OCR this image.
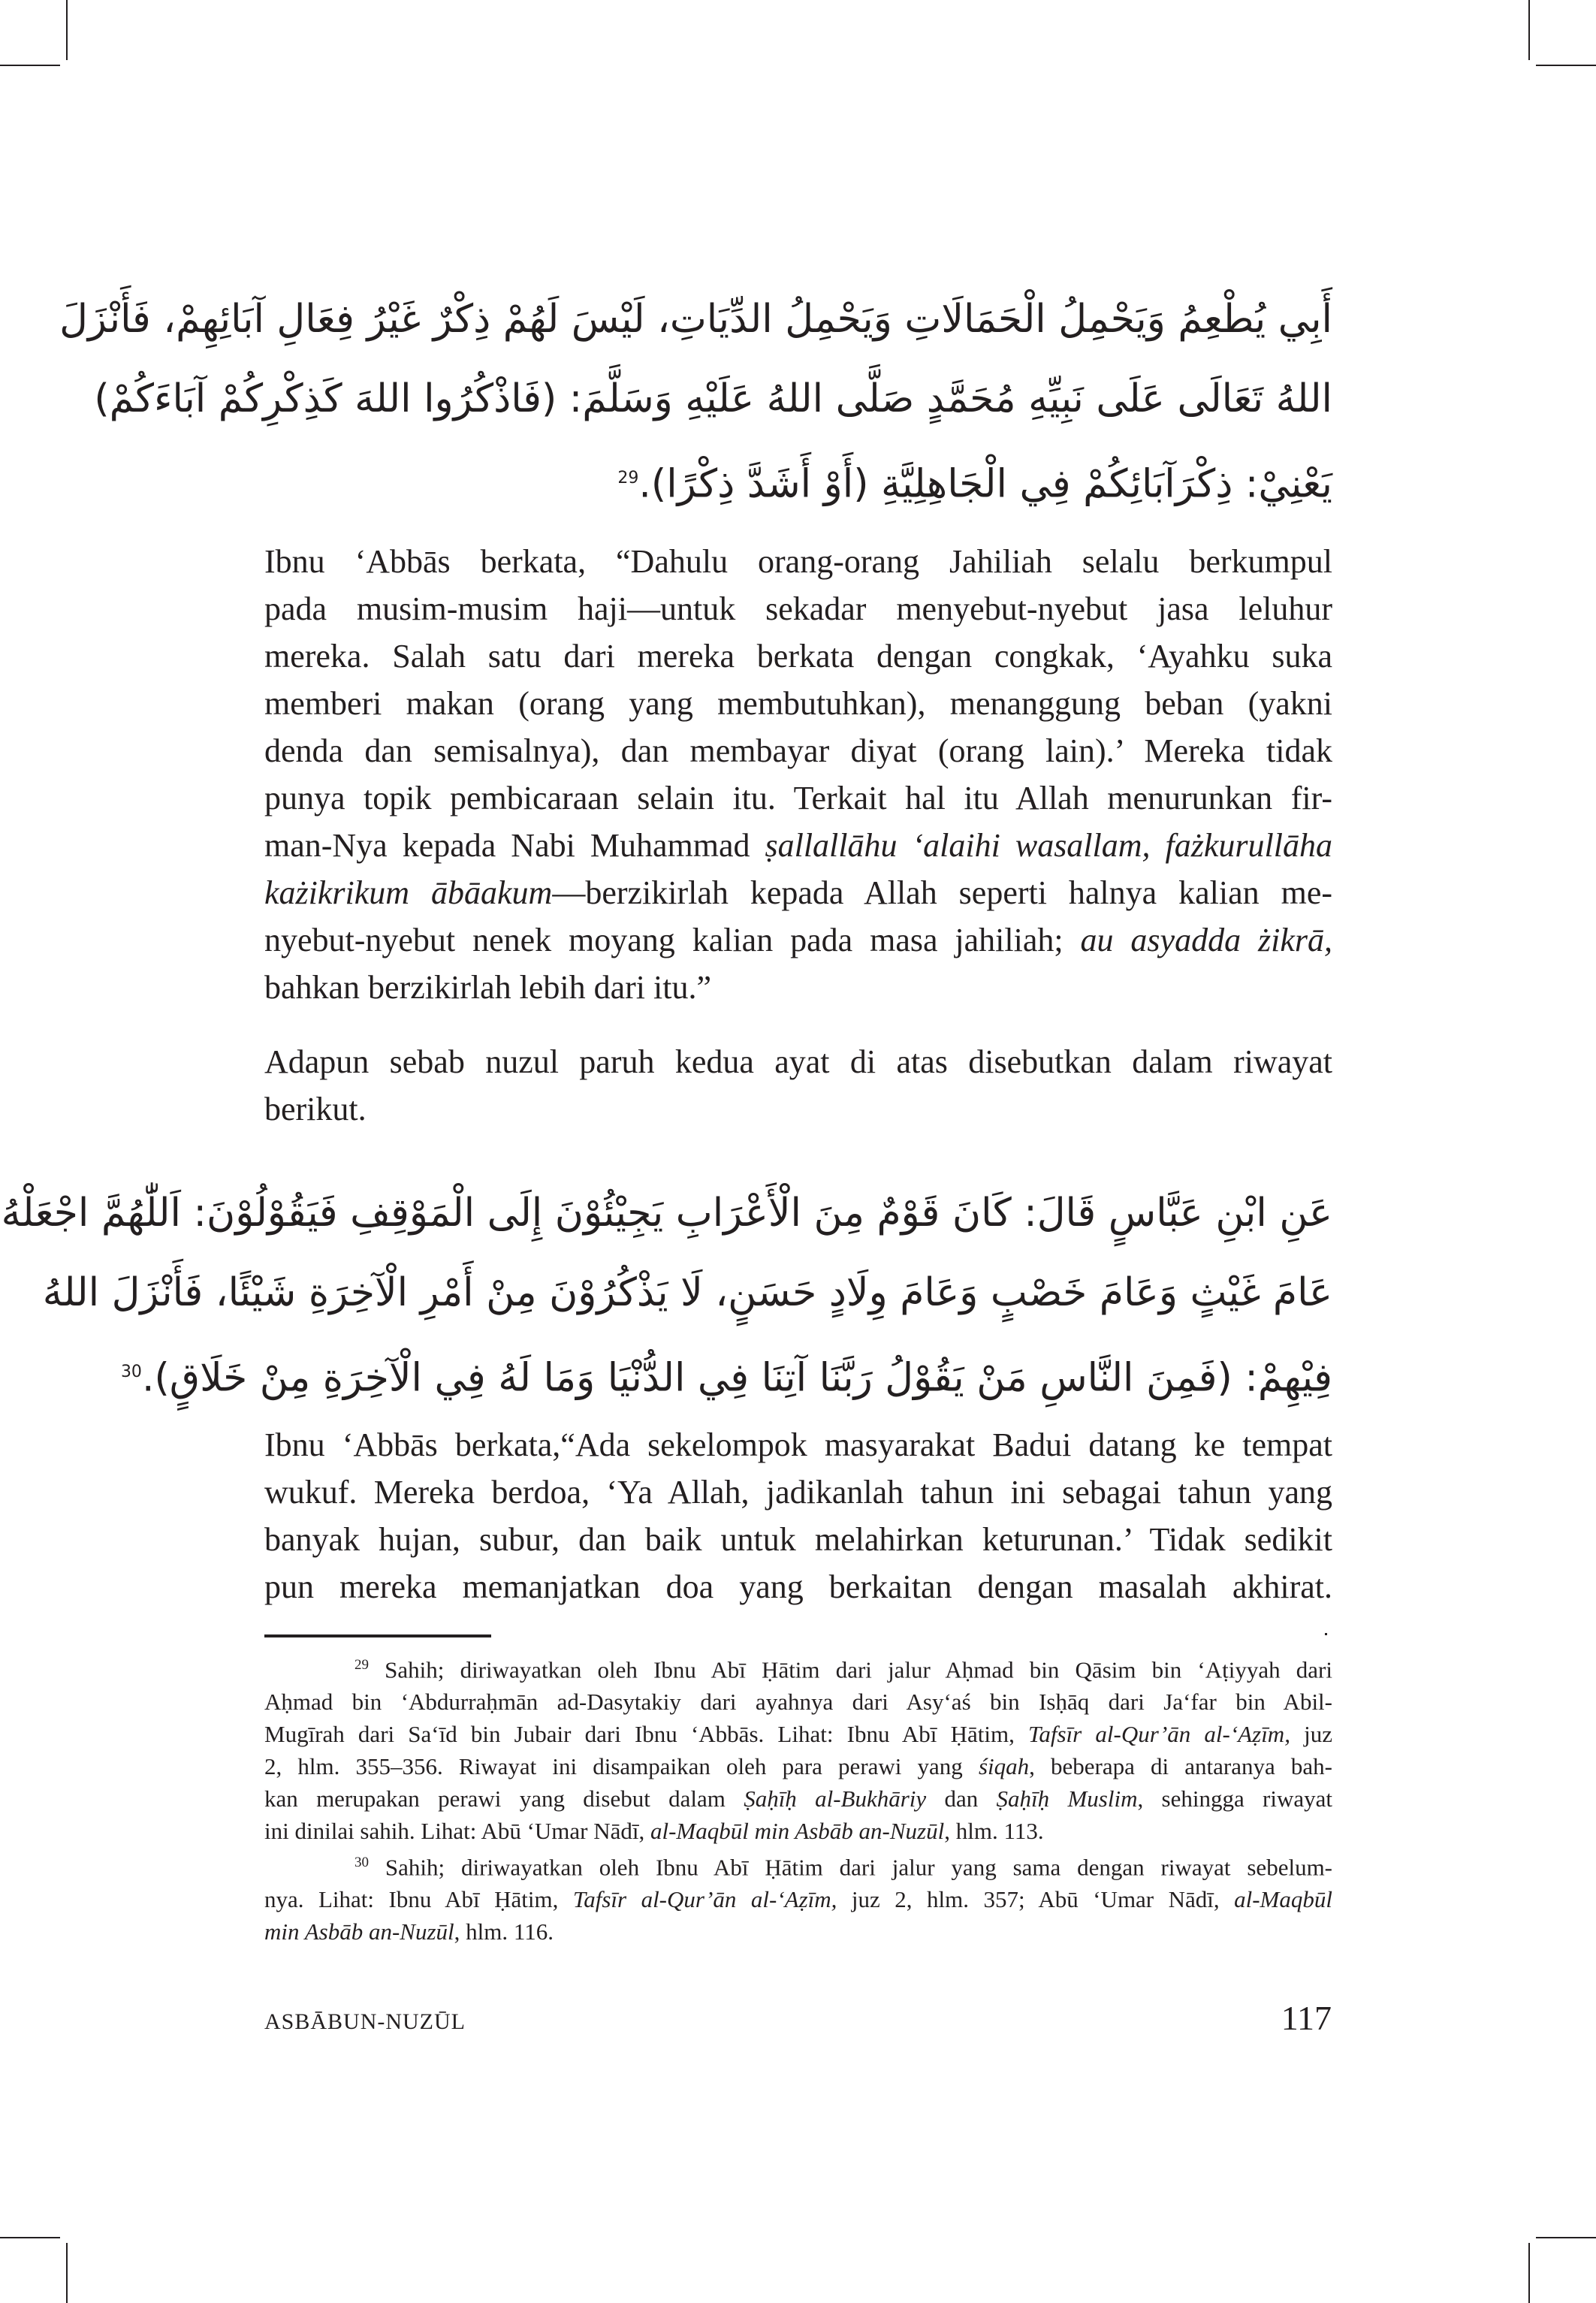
أَبِي يُطْعِمُ وَيَحْمِلُ الْحَمَالَاتِ وَيَحْمِلُ الدِّيَاتِ، لَيْسَ لَهُمْ ذِكْرٌ غَيْرُ فِعَالِ آبَائِهِمْ، فَأَنْزَلَ
اللهُ تَعَالَى عَلَى نَبِيِّهِ مُحَمَّدٍ صَلَّى اللهُ عَلَيْهِ وَسَلَّمَ: (فَاذْكُرُوا اللهَ كَذِكْرِكُمْ آبَاءَكُمْ)
يَعْنِيْ: ذِكْرَآبَائِكُمْ فِي الْجَاهِلِيَّةِ (أَوْ أَشَدَّ ذِكْرًا).$^{29}$
Ibnu ‘Abbās berkata, “Dahulu orang-orang Jahiliah selalu berkumpul
pada musim-musim haji—untuk sekadar menyebut-nyebut jasa leluhur
mereka. Salah satu dari mereka berkata dengan congkak, ‘Ayahku suka
memberi makan (orang yang membutuhkan), menanggung beban (yakni
denda dan semisalnya), dan membayar diyat (orang lain).’ Mereka tidak
punya topik pembicaraan selain itu. Terkait hal itu Allah menurunkan fir-
man-Nya kepada Nabi Muhammad ṣallallāhu ‘alaihi wasallam, fażkurullāha
każikrikum ābāakum—berzikirlah kepada Allah seperti halnya kalian me-
nyebut-nyebut nenek moyang kalian pada masa jahiliah; au asyadda żikrā,
bahkan berzikirlah lebih dari itu.”
Adapun sebab nuzul paruh kedua ayat di atas disebutkan dalam riwayat
berikut.
عَنِ ابْنِ عَبَّاسٍ قَالَ: كَانَ قَوْمٌ مِنَ الْأَعْرَابِ يَجِيْئُوْنَ إِلَى الْمَوْقِفِ فَيَقُوْلُوْنَ: اَللّٰهُمَّ اجْعَلْهُ
عَامَ غَيْثٍ وَعَامَ خَصْبٍ وَعَامَ وِلَادٍ حَسَنٍ، لَا يَذْكُرُوْنَ مِنْ أَمْرِ الْآخِرَةِ شَيْئًا، فَأَنْزَلَ اللهُ
فِيْهِمْ: (فَمِنَ النَّاسِ مَنْ يَقُوْلُ رَبَّنَا آتِنَا فِي الدُّنْيَا وَمَا لَهُ فِي الْآخِرَةِ مِنْ خَلَاقٍ).$^{30}$
Ibnu ‘Abbās berkata,“Ada sekelompok masyarakat Badui datang ke tempat
wukuf. Mereka berdoa, ‘Ya Allah, jadikanlah tahun ini sebagai tahun yang
banyak hujan, subur, dan baik untuk melahirkan keturunan.’ Tidak sedikit
pun mereka memanjatkan doa yang berkaitan dengan masalah akhirat.
$^{29}$ Sahih; diriwayatkan oleh Ibnu Abī Ḥātim dari jalur Aḥmad bin Qāsim bin ‘Aṭiyyah dari
Aḥmad bin ‘Abdurraḥmān ad-Dasytakiy dari ayahnya dari Asy‘aś bin Isḥāq dari Ja‘far bin Abil-
Mugīrah dari Sa‘īd bin Jubair dari Ibnu ‘Abbās. Lihat: Ibnu Abī Ḥātim, Tafsīr al-Qur’ān al-‘Aẓīm, juz
2, hlm. 355–356. Riwayat ini disampaikan oleh para perawi yang śiqah, beberapa di antaranya bah-
kan merupakan perawi yang disebut dalam Ṣaḥīḥ al-Bukhāriy dan Ṣaḥīḥ Muslim, sehingga riwayat
ini dinilai sahih. Lihat: Abū ‘Umar Nādī, al-Maqbūl min Asbāb an-Nuzūl, hlm. 113.
$^{30}$ Sahih; diriwayatkan oleh Ibnu Abī Ḥātim dari jalur yang sama dengan riwayat sebelum-
nya. Lihat: Ibnu Abī Ḥātim, Tafsīr al-Qur’ān al-‘Aẓīm, juz 2, hlm. 357; Abū ‘Umar Nādī, al-Maqbūl
min Asbāb an-Nuzūl, hlm. 116.
ASBĀBUN-NUZŪL	117
